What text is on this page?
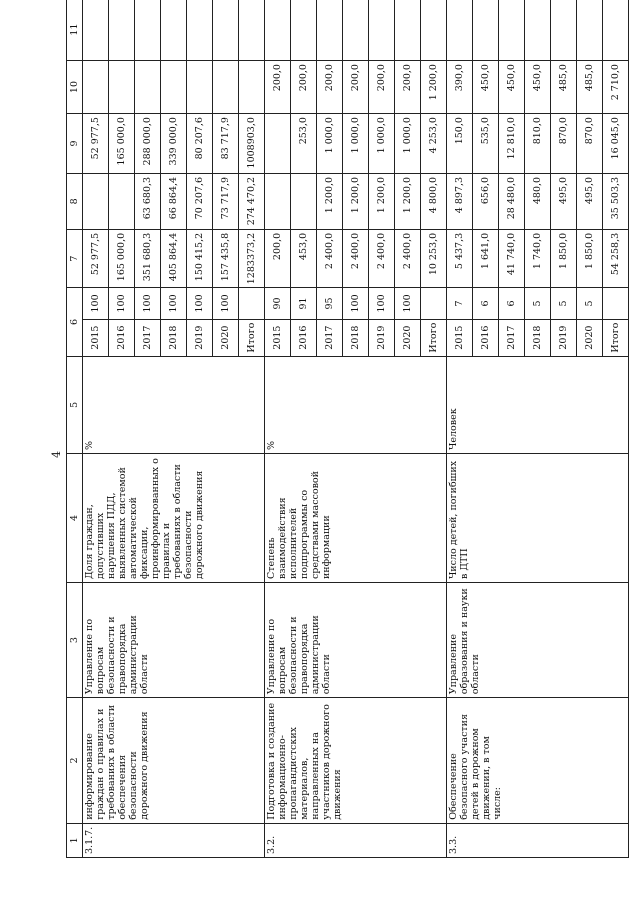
4
1	2	3	4	5	6		7	8	9	10	11
3.1.7.	информирование граждан о правилах и требованиях в области обеспечения безопасности дорожного движения	Управление по вопросам безопасности и правопорядка администрации области	Доля граждан, допустивших нарушения ПДД, выявленных системой автоматической фиксации, проинформированных о правилах и требованиях в области безопасности дорожного движения	%	2015	100	52 977,5		52 977,5		
					2016	100	165 000,0		165 000,0		
					2017	100	351 680,3	63 680,3	288 000,0		
					2018	100	405 864,4	66 864,4	339 000,0		
					2019	100	150 415,2	70 207,6	80 207,6		
					2020	100	157 435,8	73 717,9	83 717,9		
					Итого		1283373,2	274 470,2	1008903,0		
3.2.	Подготовка и создание информационно-пропагандистских материалов, направленных на участников дорожного движения	Управление по вопросам безопасности и правопорядка администрации области	Степень взаимодействия исполнителей подпрограммы со средствами массовой информации	%	2015	90	200,0			200,0	
					2016	91	453,0		253,0	200,0	
					2017	95	2 400,0	1 200,0	1 000,0	200,0	
					2018	100	2 400,0	1 200,0	1 000,0	200,0	
					2019	100	2 400,0	1 200,0	1 000,0	200,0	
					2020	100	2 400,0	1 200,0	1 000,0	200,0	
					Итого		10 253,0	4 800,0	4 253,0	1 200,0	
3.3.	Обеспечение безопасного участия детей в дорожном движении, в том числе:	Управление образования и науки области	Число детей, погибших в ДТП	Человек	2015	7	5 437,3	4 897,3	150,0	390,0	
					2016	6	1 641,0	656,0	535,0	450,0	
					2017	6	41 740,0	28 480,0	12 810,0	450,0	
					2018	5	1 740,0	480,0	810,0	450,0	
					2019	5	1 850,0	495,0	870,0	485,0	
					2020	5	1 850,0	495,0	870,0	485,0	
					Итого		54 258,3	35 503,3	16 045,0	2 710,0	
